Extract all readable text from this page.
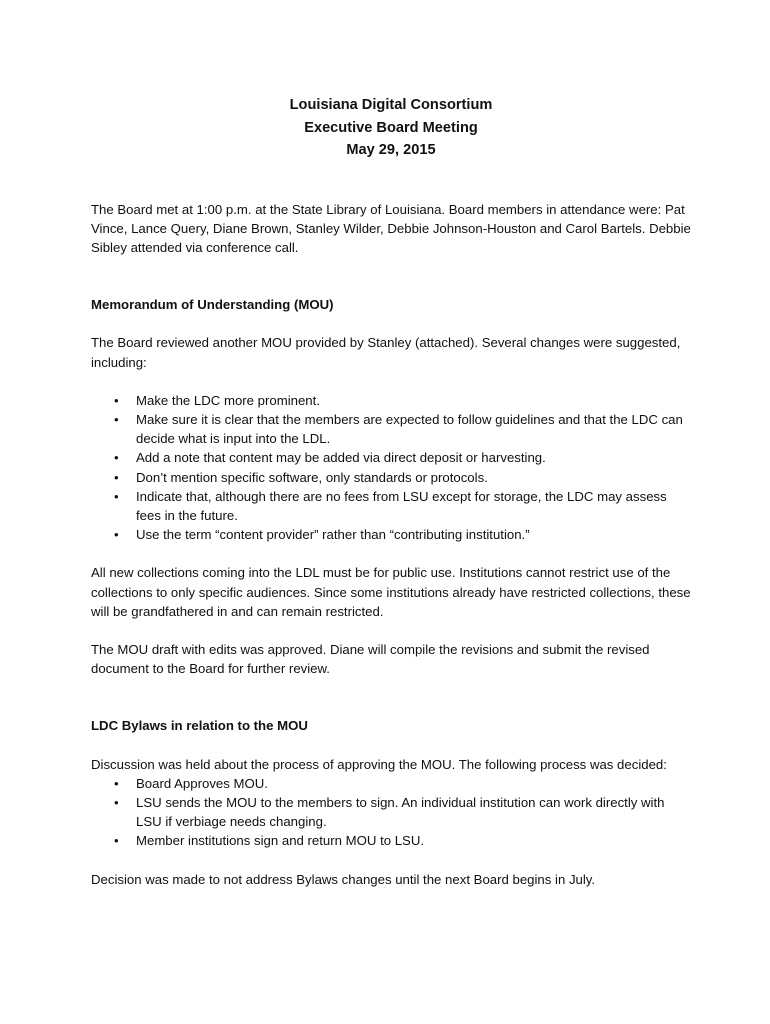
Louisiana Digital Consortium
Executive Board Meeting
May 29, 2015

The Board met at 1:00 p.m. at the State Library of Louisiana. Board members in attendance were: Pat Vince, Lance Query, Diane Brown, Stanley Wilder, Debbie Johnson-Houston and Carol Bartels. Debbie Sibley attended via conference call.

Memorandum of Understanding (MOU)

The Board reviewed another MOU provided by Stanley (attached). Several changes were suggested, including:

• Make the LDC more prominent.
• Make sure it is clear that the members are expected to follow guidelines and that the LDC can decide what is input into the LDL.
• Add a note that content may be added via direct deposit or harvesting.
• Don’t mention specific software, only standards or protocols.
• Indicate that, although there are no fees from LSU except for storage, the LDC may assess fees in the future.
• Use the term “content provider” rather than “contributing institution.”

All new collections coming into the LDL must be for public use. Institutions cannot restrict use of the collections to only specific audiences. Since some institutions already have restricted collections, these will be grandfathered in and can remain restricted.

The MOU draft with edits was approved. Diane will compile the revisions and submit the revised document to the Board for further review.

LDC Bylaws in relation to the MOU

Discussion was held about the process of approving the MOU. The following process was decided:

• Board Approves MOU.
• LSU sends the MOU to the members to sign. An individual institution can work directly with LSU if verbiage needs changing.
• Member institutions sign and return MOU to LSU.

Decision was made to not address Bylaws changes until the next Board begins in July.
